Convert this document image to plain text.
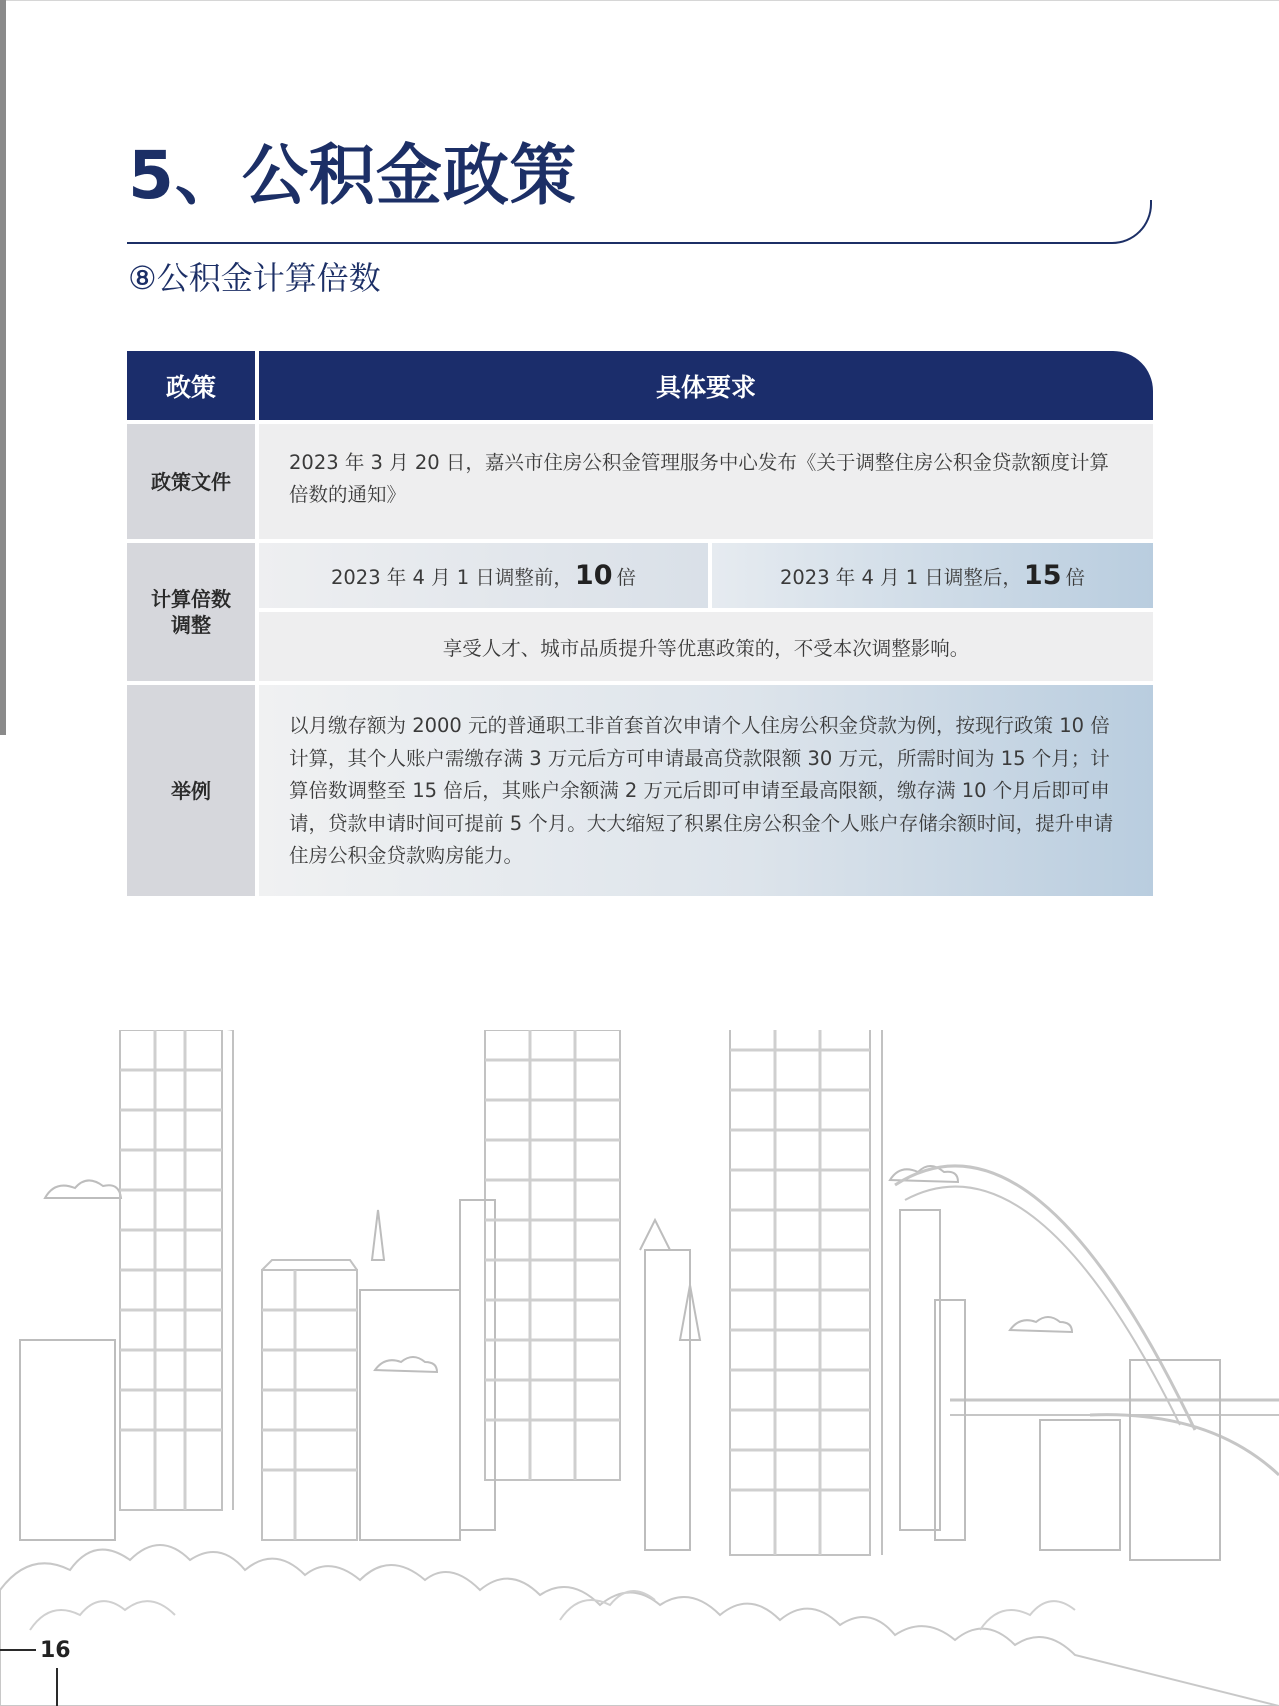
5、公积金政策
⑧公积金计算倍数
政策	具体要求
政策文件
2023 年 3 月 20 日，嘉兴市住房公积金管理服务中心发布《关于调整住房公积金贷款额度计算倍数的通知》
计算倍数
调整
2023 年 4 月 1 日调整前， 10 倍	2023 年 4 月 1 日调整后， 15 倍
享受人才、城市品质提升等优惠政策的，不受本次调整影响。
举例
以月缴存额为 2000 元的普通职工非首套首次申请个人住房公积金贷款为例，按现行政策 10 倍计算，其个人账户需缴存满 3 万元后方可申请最高贷款限额 30 万元，所需时间为 15 个月；计算倍数调整至 15 倍后，其账户余额满 2 万元后即可申请至最高限额，缴存满 10 个月后即可申请，贷款申请时间可提前 5 个月。大大缩短了积累住房公积金个人账户存储余额时间，提升申请住房公积金贷款购房能力。
16
